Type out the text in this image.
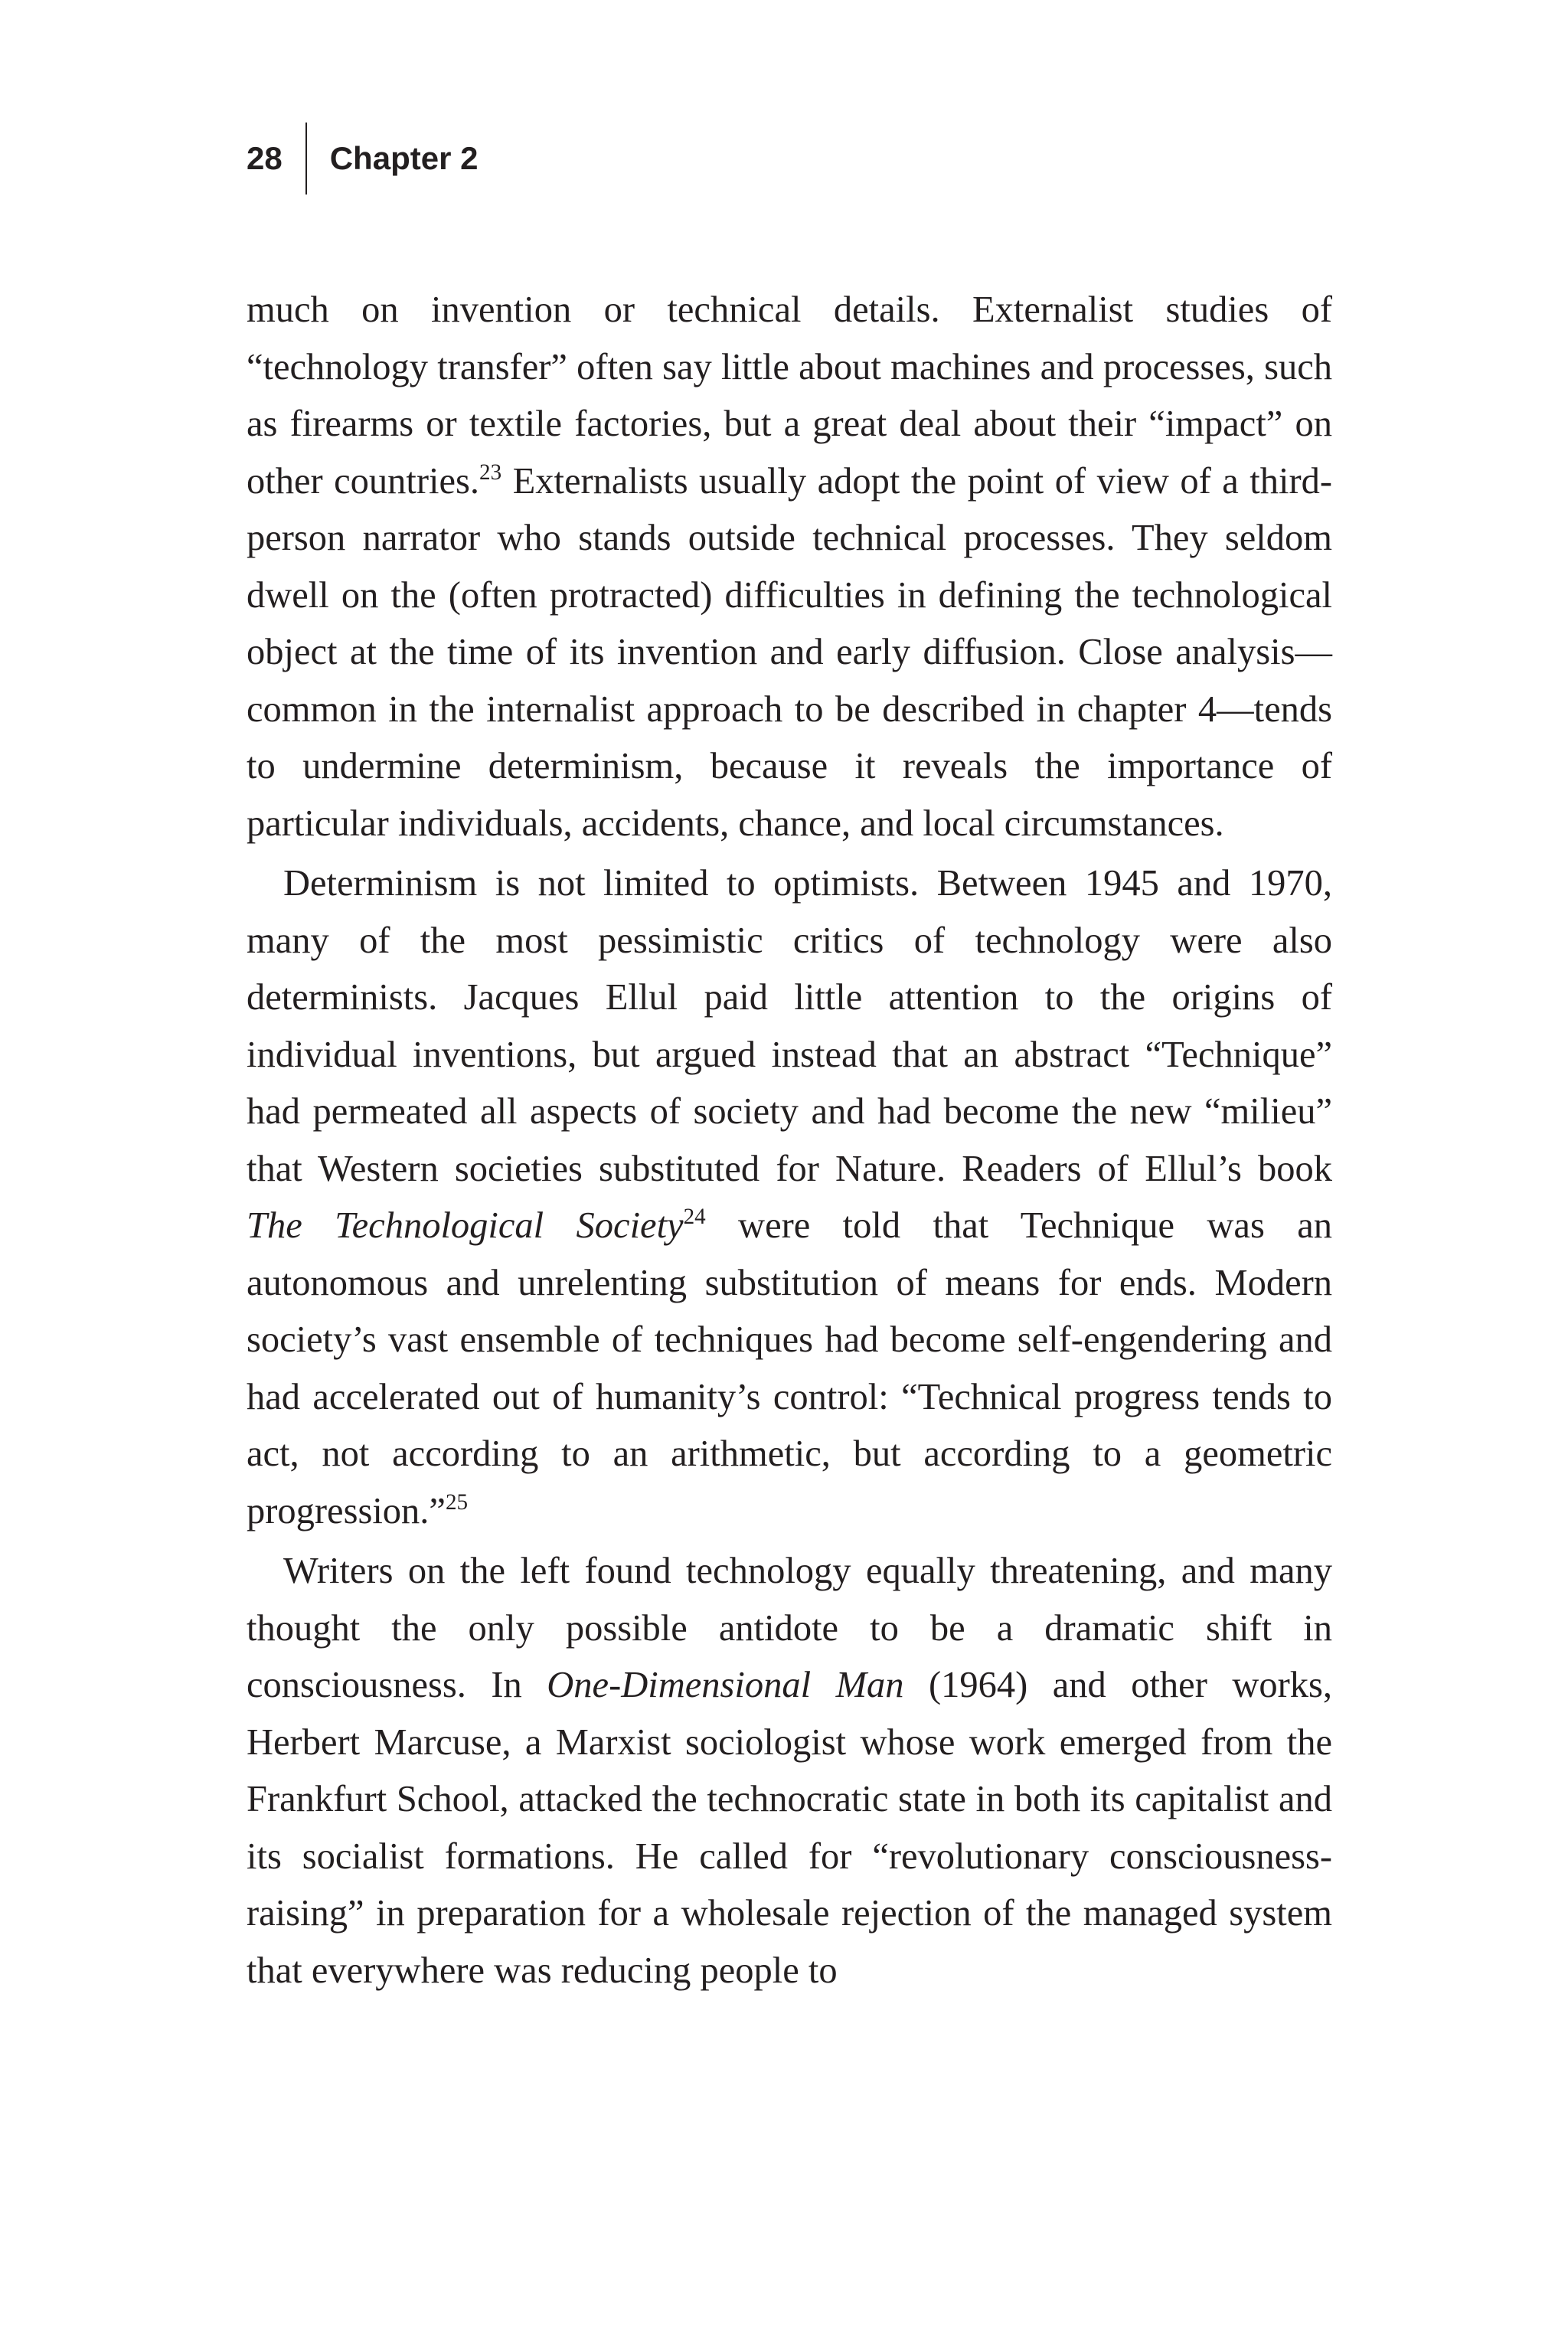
28	Chapter 2

much on invention or technical details. Externalist studies of “technology transfer” often say little about machines and processes, such as firearms or textile factories, but a great deal about their “impact” on other countries.$^{23}$ Externalists usually adopt the point of view of a third-person narrator who stands outside technical processes. They seldom dwell on the (often protracted) difficulties in defining the technological object at the time of its invention and early diffusion. Close analysis—common in the internalist approach to be described in chapter 4—tends to undermine determinism, because it reveals the importance of particular individuals, accidents, chance, and local circumstances.

Determinism is not limited to optimists. Between 1945 and 1970, many of the most pessimistic critics of technology were also determinists. Jacques Ellul paid little attention to the origins of individual inventions, but argued instead that an abstract “Technique” had permeated all aspects of society and had become the new “milieu” that Western societies substituted for Nature. Readers of Ellul’s book The Technological Society$^{24}$ were told that Technique was an autonomous and unrelenting substitution of means for ends. Modern society’s vast ensemble of techniques had become self-engendering and had accelerated out of humanity’s control: “Technical progress tends to act, not according to an arithmetic, but according to a geometric progression.”$^{25}$

Writers on the left found technology equally threatening, and many thought the only possible antidote to be a dramatic shift in consciousness. In One-Dimensional Man (1964) and other works, Herbert Marcuse, a Marxist sociologist whose work emerged from the Frankfurt School, attacked the technocratic state in both its capitalist and its socialist formations. He called for “revolutionary consciousness-raising” in preparation for a wholesale rejection of the managed system that everywhere was reducing people to
